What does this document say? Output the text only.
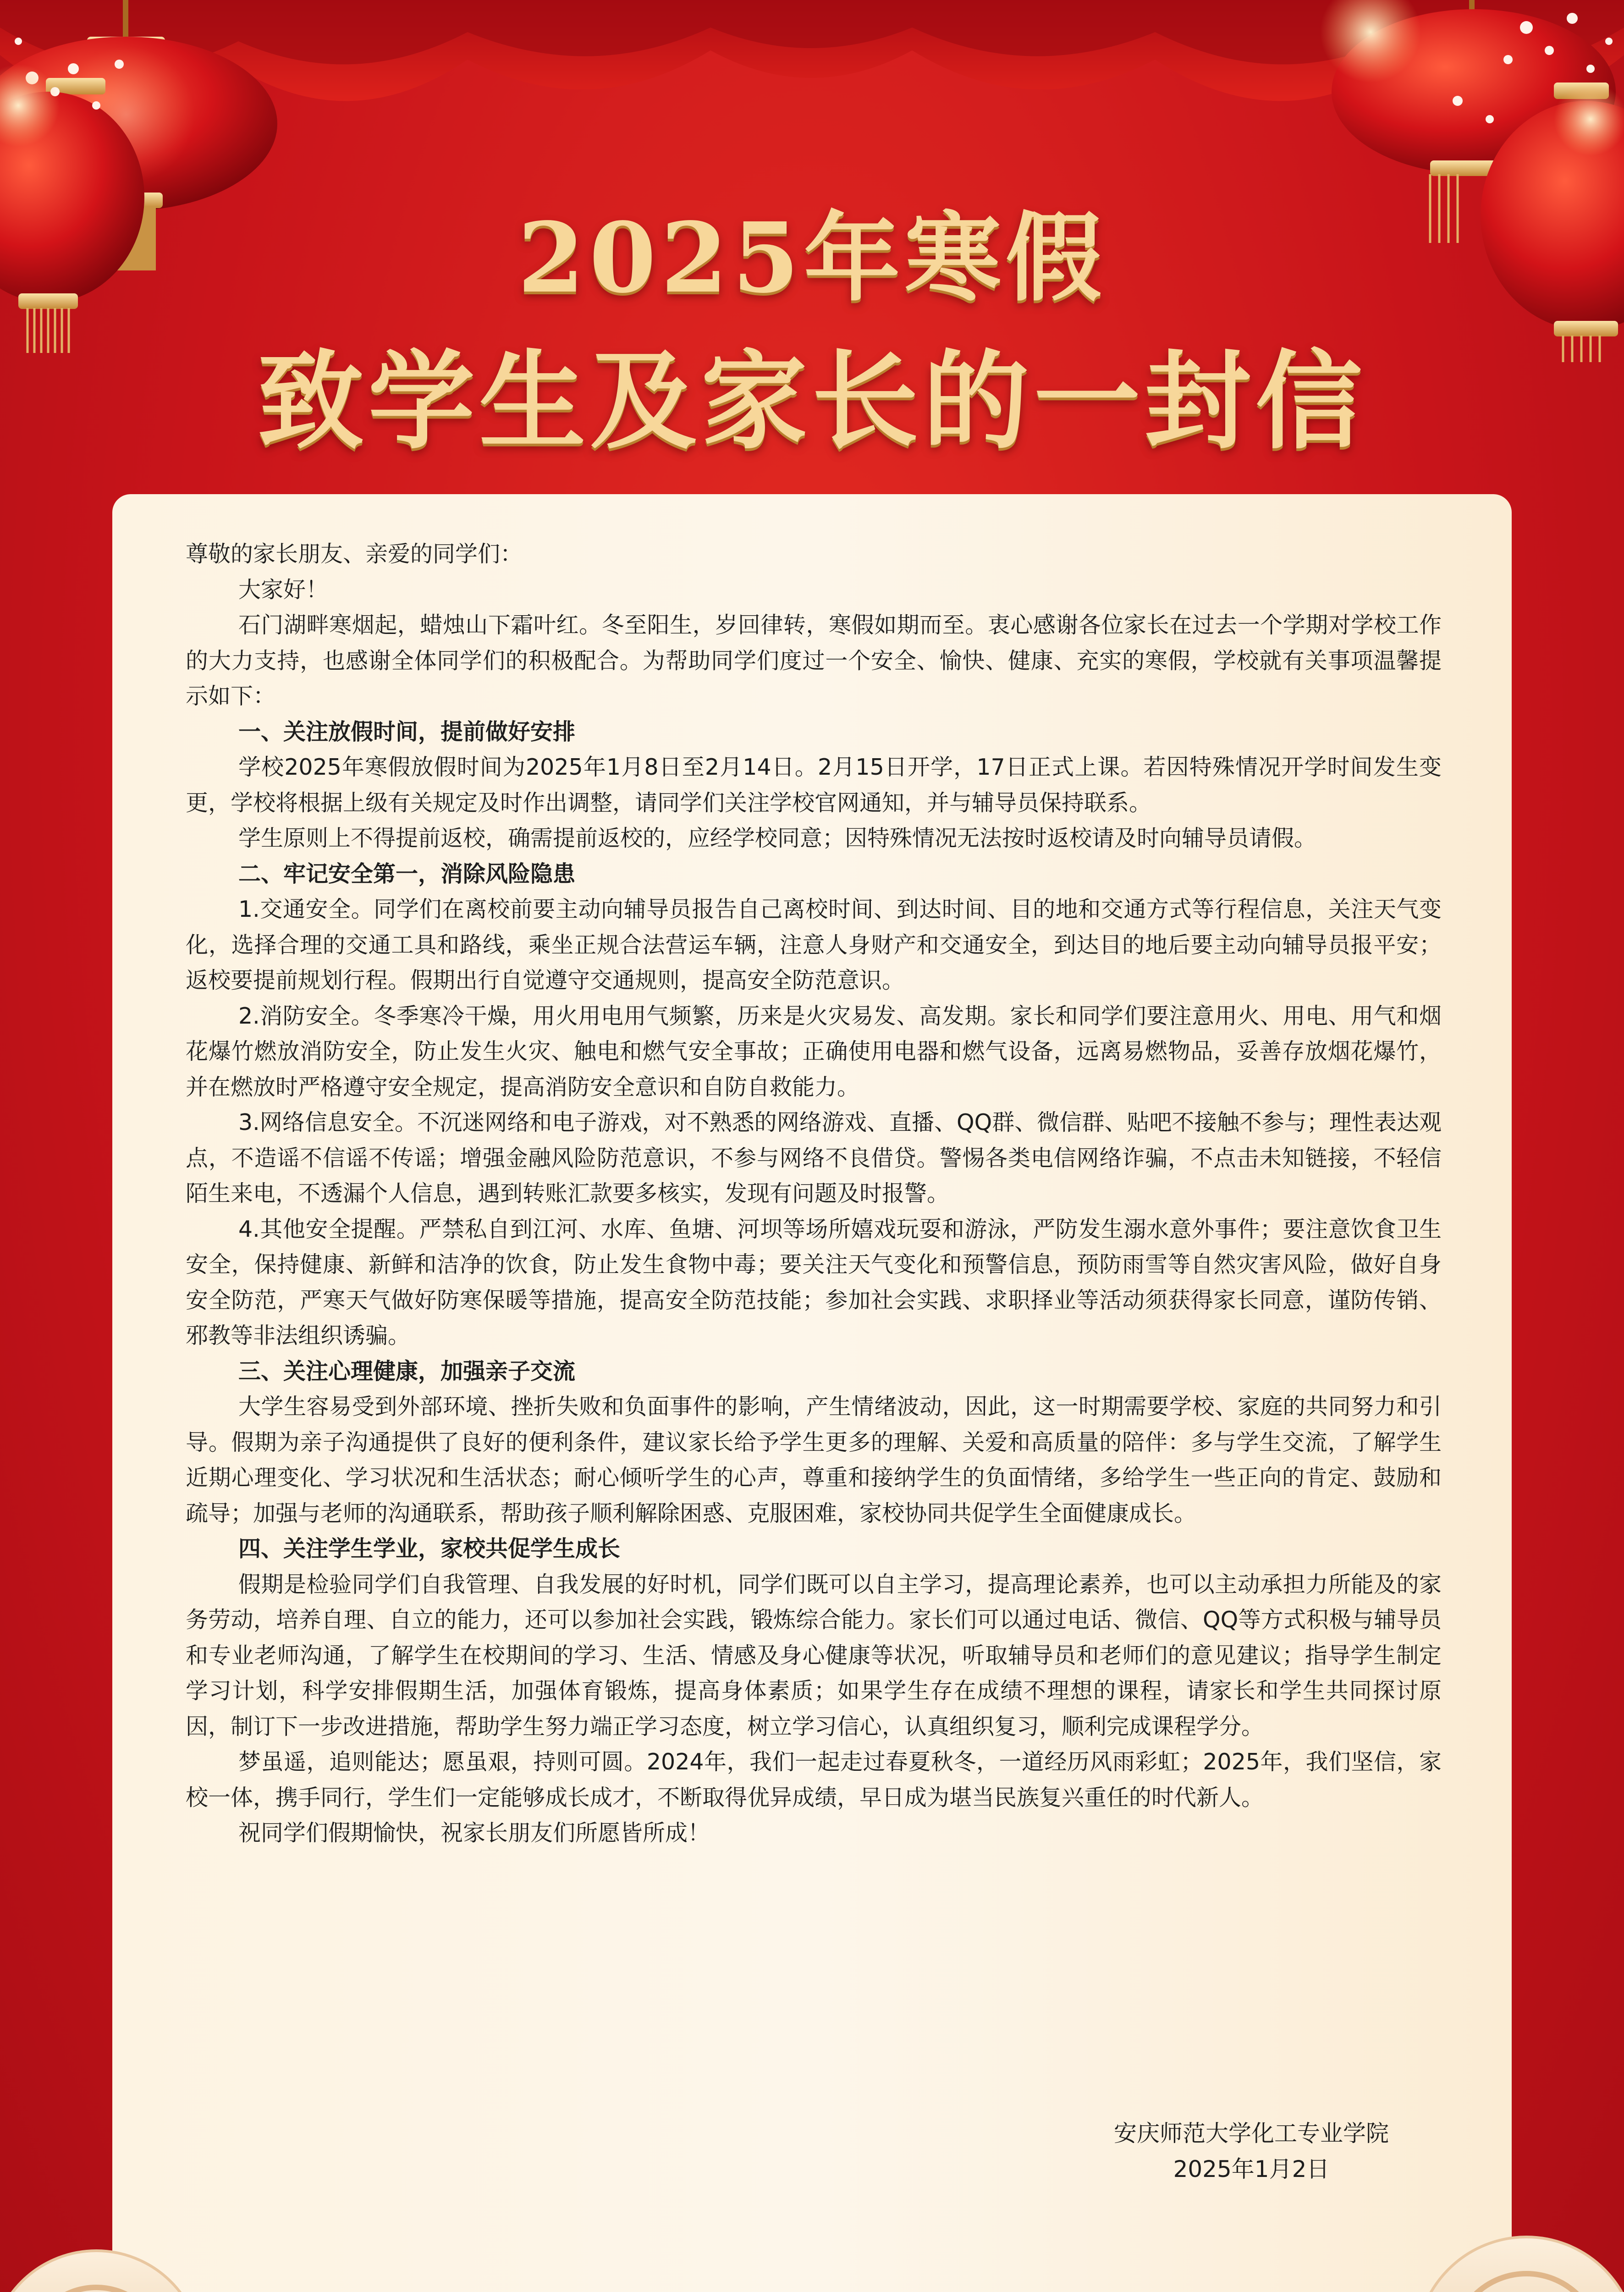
2025年寒假
致学生及家长的一封信

尊敬的家长朋友、亲爱的同学们：

大家好！

石门湖畔寒烟起，蜡烛山下霜叶红。冬至阳生，岁回律转，寒假如期而至。衷心感谢各位家长在过去一个学期对学校工作的大力支持，也感谢全体同学们的积极配合。为帮助同学们度过一个安全、愉快、健康、充实的寒假，学校就有关事项温馨提示如下：

一、关注放假时间，提前做好安排

学校2025年寒假放假时间为2025年1月8日至2月14日。2月15日开学，17日正式上课。若因特殊情况开学时间发生变更，学校将根据上级有关规定及时作出调整，请同学们关注学校官网通知，并与辅导员保持联系。

学生原则上不得提前返校，确需提前返校的，应经学校同意；因特殊情况无法按时返校请及时向辅导员请假。

二、牢记安全第一，消除风险隐患

1.交通安全。同学们在离校前要主动向辅导员报告自己离校时间、到达时间、目的地和交通方式等行程信息，关注天气变化，选择合理的交通工具和路线，乘坐正规合法营运车辆，注意人身财产和交通安全，到达目的地后要主动向辅导员报平安；返校要提前规划行程。假期出行自觉遵守交通规则，提高安全防范意识。

2.消防安全。冬季寒冷干燥，用火用电用气频繁，历来是火灾易发、高发期。家长和同学们要注意用火、用电、用气和烟花爆竹燃放消防安全，防止发生火灾、触电和燃气安全事故；正确使用电器和燃气设备，远离易燃物品，妥善存放烟花爆竹，并在燃放时严格遵守安全规定，提高消防安全意识和自防自救能力。

3.网络信息安全。不沉迷网络和电子游戏，对不熟悉的网络游戏、直播、QQ群、微信群、贴吧不接触不参与；理性表达观点，不造谣不信谣不传谣；增强金融风险防范意识，不参与网络不良借贷。警惕各类电信网络诈骗，不点击未知链接，不轻信陌生来电，不透漏个人信息，遇到转账汇款要多核实，发现有问题及时报警。

4.其他安全提醒。严禁私自到江河、水库、鱼塘、河坝等场所嬉戏玩耍和游泳，严防发生溺水意外事件；要注意饮食卫生安全，保持健康、新鲜和洁净的饮食，防止发生食物中毒；要关注天气变化和预警信息，预防雨雪等自然灾害风险，做好自身安全防范，严寒天气做好防寒保暖等措施，提高安全防范技能；参加社会实践、求职择业等活动须获得家长同意，谨防传销、邪教等非法组织诱骗。

三、关注心理健康，加强亲子交流

大学生容易受到外部环境、挫折失败和负面事件的影响，产生情绪波动，因此，这一时期需要学校、家庭的共同努力和引导。假期为亲子沟通提供了良好的便利条件，建议家长给予学生更多的理解、关爱和高质量的陪伴：多与学生交流，了解学生近期心理变化、学习状况和生活状态；耐心倾听学生的心声，尊重和接纳学生的负面情绪，多给学生一些正向的肯定、鼓励和疏导；加强与老师的沟通联系，帮助孩子顺利解除困惑、克服困难，家校协同共促学生全面健康成长。

四、关注学生学业，家校共促学生成长

假期是检验同学们自我管理、自我发展的好时机，同学们既可以自主学习，提高理论素养，也可以主动承担力所能及的家务劳动，培养自理、自立的能力，还可以参加社会实践，锻炼综合能力。家长们可以通过电话、微信、QQ等方式积极与辅导员和专业老师沟通，了解学生在校期间的学习、生活、情感及身心健康等状况，听取辅导员和老师们的意见建议；指导学生制定学习计划，科学安排假期生活，加强体育锻炼，提高身体素质；如果学生存在成绩不理想的课程，请家长和学生共同探讨原因，制订下一步改进措施，帮助学生努力端正学习态度，树立学习信心，认真组织复习，顺利完成课程学分。

梦虽遥，追则能达；愿虽艰，持则可圆。2024年，我们一起走过春夏秋冬，一道经历风雨彩虹；2025年，我们坚信，家校一体，携手同行，学生们一定能够成长成才，不断取得优异成绩，早日成为堪当民族复兴重任的时代新人。

祝同学们假期愉快，祝家长朋友们所愿皆所成！

安庆师范大学化工专业学院
2025年1月2日
